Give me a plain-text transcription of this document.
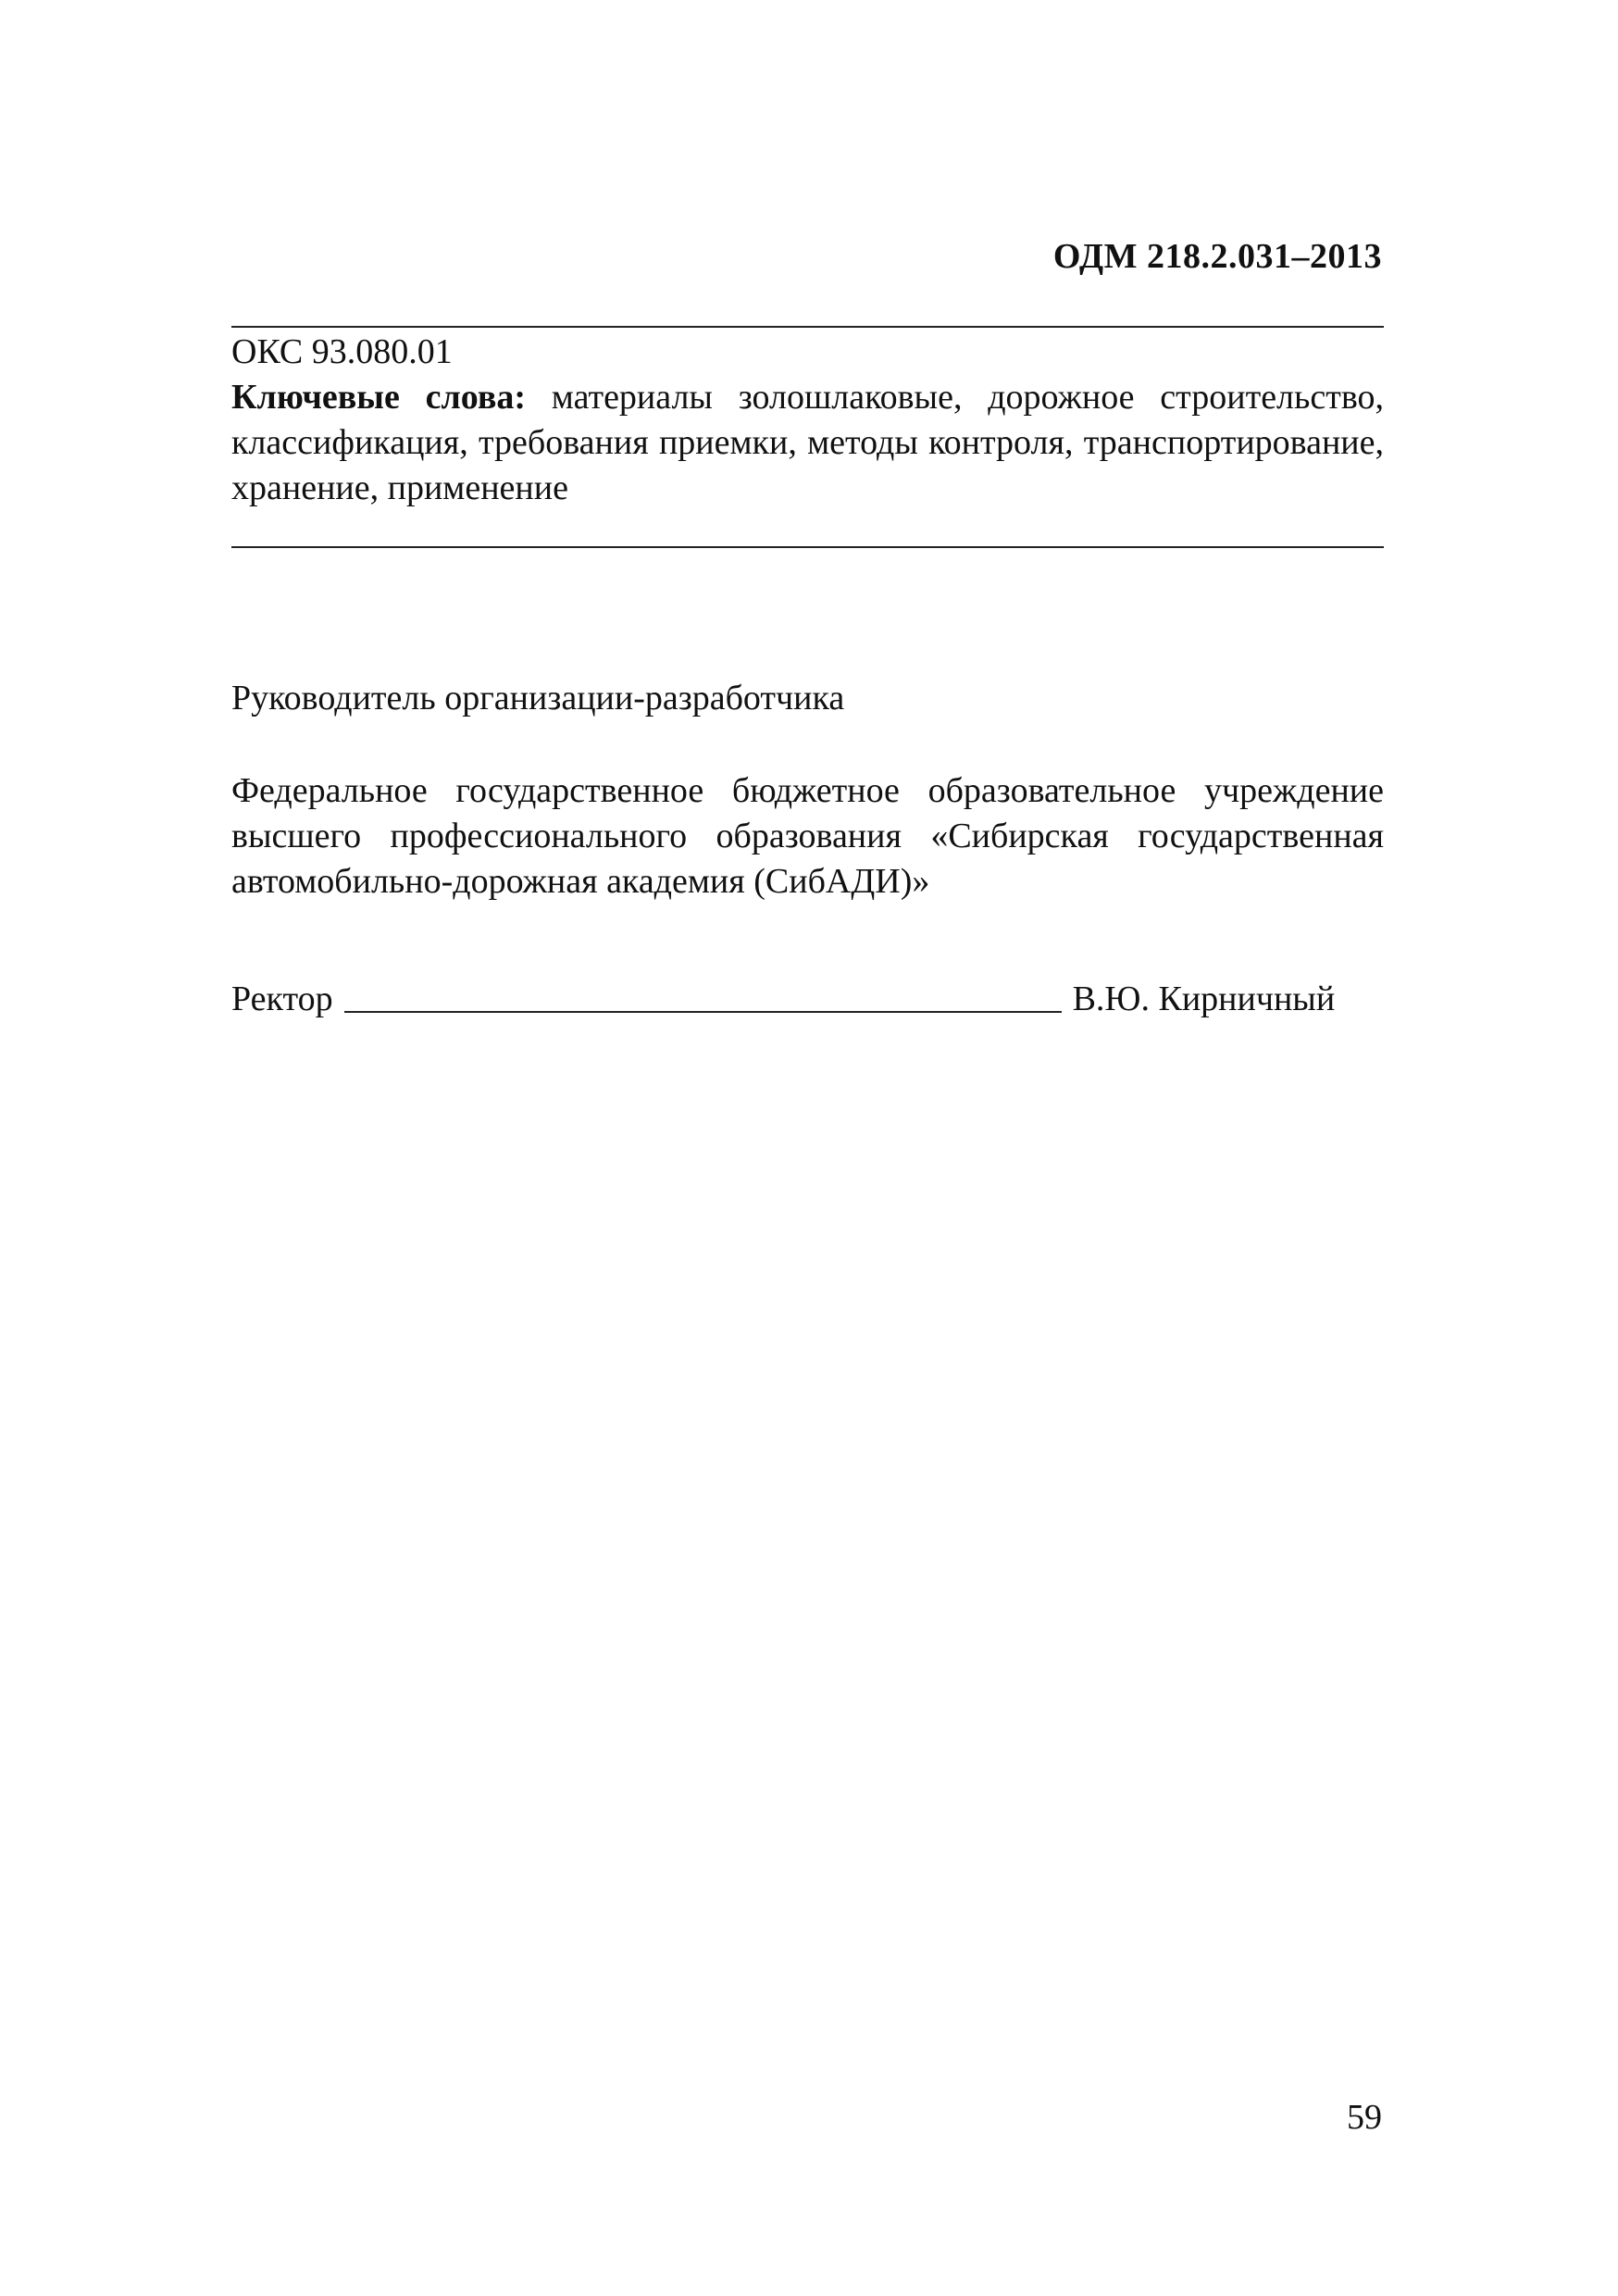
ОДМ 218.2.031–2013
ОКС 93.080.01
Ключевые слова: материалы золошлаковые, дорожное строительство, классификация, требования приемки, методы контроля, транспортирование, хранение, применение
Руководитель организации-разработчика
Федеральное государственное бюджетное образовательное учреждение высшего профессионального образования «Сибирская государственная автомобильно-дорожная академия (СибАДИ)»
Ректор	В.Ю. Кирничный
59
